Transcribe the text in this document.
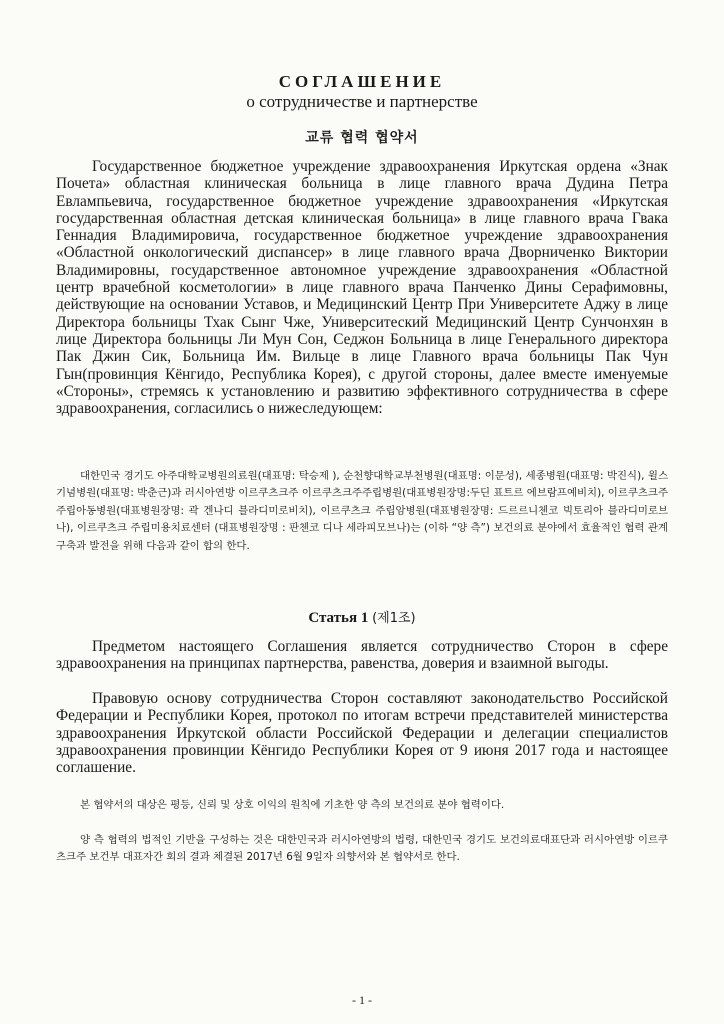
СОГЛАШЕНИЕ
о сотрудничестве и партнерстве
교류 협력 협약서
Государственное бюджетное учреждение здравоохранения Иркутская ордена «Знак Почета» областная клиническая больница в лице главного врача Дудина Петра Евлампьевича, государственное бюджетное учреждение здравоохранения «Иркутская государственная областная детская клиническая больница» в лице главного врача Гвака Геннадия Владимировича, государственное бюджетное учреждение здравоохранения «Областной онкологический диспансер» в лице главного врача Дворниченко Виктории Владимировны, государственное автономное учреждение здравоохранения «Областной центр врачебной косметологии» в лице главного врача Панченко Дины Серафимовны, действующие на основании Уставов, и Медицинский Центр При Университете Аджу в лице Директора больницы Тхак Сынг Чже, Университеский Медицинский Центр Сунчонхян в лице Директора больницы Ли Мун Сон, Седжон Больница в лице Генерального директора Пак Джин Сик, Больница Им. Вильце в лице Главного врача больницы Пак Чун Гын(провинция Кёнгидо, Республика Корея), с другой стороны, далее вместе именуемые «Стороны», стремясь к установлению и развитию эффективного сотрудничества в сфере здравоохранения, согласились о нижеследующем:
대한민국 경기도 아주대학교병원의료원(대표명: 탁승제 ), 순천향대학교부천병원(대표명: 이문성), 세종병원(대표명: 박진식), 윌스기념병원(대표명: 박춘근)과 러시아연방 이르쿠츠크주 이르쿠츠크주주립병원(대표병원장명:두딘 표트르 에브람프예비치), 이르쿠츠크주주립아동병원(대표병원장명: 곽 겐나디 블라디미로비치), 이르쿠츠크 주립암병원(대표병원장명: 드르르니첸코 빅토리아 블라디미로브나), 이르쿠츠크 주립미용치료센터 (대표병원장명 : 판첸코 디나 세라피모브나)는 (이하 “양 측”) 보건의료 분야에서 효율적인 협력 관계 구축과 발전을 위해 다음과 같이 합의 한다.
Статья 1 (제1조)
Предметом настоящего Соглашения является сотрудничество Сторон в сфере здравоохранения на принципах партнерства, равенства, доверия и взаимной выгоды.
Правовую основу сотрудничества Сторон составляют законодательство Российской Федерации и Республики Корея, протокол по итогам встречи представителей министерства здравоохранения Иркутской области Российской Федерации и делегации специалистов здравоохранения провинции Кёнгидо Республики Корея от 9 июня 2017 года и настоящее соглашение.
본 협약서의 대상은 평등, 신뢰 및 상호 이익의 원칙에 기초한 양 측의 보건의료 분야 협력이다.
양 측 협력의 법적인 기반을 구성하는 것은 대한민국과 러시아연방의 법령, 대한민국 경기도 보건의료대표단과 러시아연방 이르쿠츠크주 보건부 대표자간 회의 결과 체결된 2017년 6월 9일자 의향서와 본 협약서로 한다.
- 1 -
